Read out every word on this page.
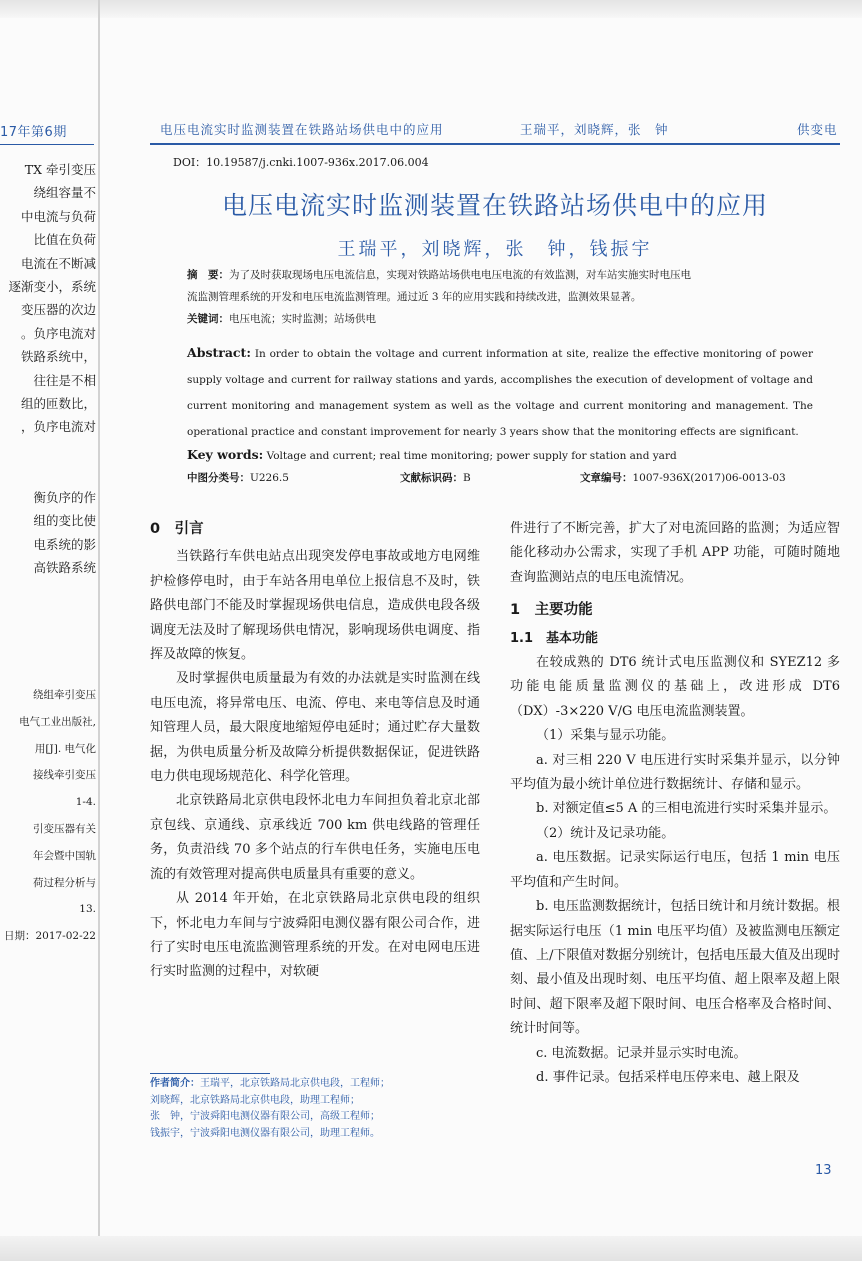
17年第6期
TX 牵引变压
绕组容量不
中电流与负荷
比值在负荷
电流在不断减
逐渐变小，系统
变压器的次边
。负序电流对
铁路系统中，
往往是不相
组的匝数比，
，负序电流对

衡负序的作
组的变比使
电系统的影
高铁路系统
绕组牵引变压
电气工业出版社,
用[J]. 电气化
接线牵引变压
1-4.
引变压器有关
年会暨中国轨
荷过程分析与
13.
日期：2017-02-22
电压电流实时监测装置在铁路站场供电中的应用	王瑞平，刘晓辉，张　钟	供变电
DOI：10.19587/j.cnki.1007-936x.2017.06.004
电压电流实时监测装置在铁路站场供电中的应用
王瑞平，刘晓辉，张　钟，钱振宇
摘　要：为了及时获取现场电压电流信息，实现对铁路站场供电电压电流的有效监测，对车站实施实时电压电
流监测管理系统的开发和电压电流监测管理。通过近 3 年的应用实践和持续改进，监测效果显著。
关键词：电压电流；实时监测；站场供电
Abstract: In order to obtain the voltage and current information at site, realize the effective monitoring of power supply voltage and current for railway stations and yards, accomplishes the execution of development of voltage and current monitoring and management system as well as the voltage and current monitoring and management. The operational practice and constant improvement for nearly 3 years show that the monitoring effects are significant.
Key words: Voltage and current; real time monitoring; power supply for station and yard
中图分类号：U226.5	文献标识码：B	文章编号：1007-936X(2017)06-0013-03
0　引言

当铁路行车供电站点出现突发停电事故或地方电网维护检修停电时，由于车站各用电单位上报信息不及时，铁路供电部门不能及时掌握现场供电信息，造成供电段各级调度无法及时了解现场供电情况，影响现场供电调度、指挥及故障的恢复。

及时掌握供电质量最为有效的办法就是实时监测在线电压电流，将异常电压、电流、停电、来电等信息及时通知管理人员，最大限度地缩短停电延时；通过贮存大量数据，为供电质量分析及故障分析提供数据保证，促进铁路电力供电现场规范化、科学化管理。

北京铁路局北京供电段怀北电力车间担负着北京北部京包线、京通线、京承线近 700 km 供电线路的管理任务，负责沿线 70 多个站点的行车供电任务，实施电压电流的有效管理对提高供电质量具有重要的意义。

从 2014 年开始，在北京铁路局北京供电段的组织下，怀北电力车间与宁波舜阳电测仪器有限公司合作，进行了实时电压电流监测管理系统的开发。在对电网电压进行实时监测的过程中，对软硬

作者简介：王瑞平，北京铁路局北京供电段，工程师；
刘晓辉，北京铁路局北京供电段，助理工程师；
张　钟，宁波舜阳电测仪器有限公司，高级工程师；
钱振宇，宁波舜阳电测仪器有限公司，助理工程师。
件进行了不断完善，扩大了对电流回路的监测；为适应智能化移动办公需求，实现了手机 APP 功能，可随时随地查询监测站点的电压电流情况。
1　主要功能
1.1　基本功能

在较成熟的 DT6 统计式电压监测仪和 SYEZ12 多功能电能质量监测仪的基础上，改进形成 DT6（DX）-3×220 V/G 电压电流监测装置。

（1）采集与显示功能。

a. 对三相 220 V 电压进行实时采集并显示，以分钟平均值为最小统计单位进行数据统计、存储和显示。

b. 对额定值≤5 A 的三相电流进行实时采集并显示。

（2）统计及记录功能。

a. 电压数据。记录实际运行电压，包括 1 min 电压平均值和产生时间。

b. 电压监测数据统计，包括日统计和月统计数据。根据实际运行电压（1 min 电压平均值）及被监测电压额定值、上/下限值对数据分别统计，包括电压最大值及出现时刻、最小值及出现时刻、电压平均值、超上限率及超上限时间、超下限率及超下限时间、电压合格率及合格时间、统计时间等。

c. 电流数据。记录并显示实时电流。

d. 事件记录。包括采样电压停来电、越上限及

13
